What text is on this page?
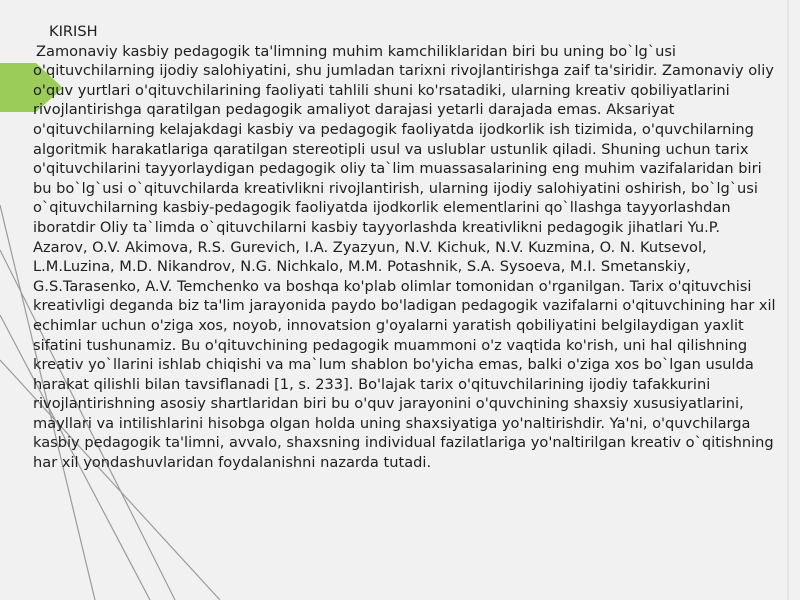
KIRISH
Zamonaviy kasbiy pedagogik ta'limning muhim kamchiliklaridan biri bu uning bo`lg`usi o'qituvchilarning ijodiy salohiyatini, shu jumladan tarixni rivojlantirishga zaif ta'siridir. Zamonaviy oliy o'quv yurtlari o'qituvchilarining faoliyati tahlili shuni ko'rsatadiki, ularning kreativ qobiliyatlarini rivojlantirishga qaratilgan pedagogik amaliyot darajasi yetarli darajada emas. Aksariyat o'qituvchilarning kelajakdagi kasbiy va pedagogik faoliyatda ijodkorlik ish tizimida, o'quvchilarning algoritmik harakatlariga qaratilgan stereotipli usul va uslublar ustunlik qiladi. Shuning uchun tarix o'qituvchilarini tayyorlaydigan pedagogik oliy ta`lim muassasalarining eng muhim vazifalaridan biri bu bo`lg`usi o`qituvchilarda kreativlikni rivojlantirish, ularning ijodiy salohiyatini oshirish, bo`lg`usi o`qituvchilarning kasbiy-pedagogik faoliyatda ijodkorlik elementlarini qo`llashga tayyorlashdan iboratdir Oliy ta`limda o`qituvchilarni kasbiy tayyorlashda kreativlikni pedagogik jihatlari Yu.P. Azarov, O.V. Akimova, R.S. Gurevich, I.A. Zyazyun, N.V. Kichuk, N.V. Kuzmina, O. N. Kutsevol, L.M.Luzina, M.D. Nikandrov, N.G. Nichkalo, M.M. Potashnik, S.A. Sysoeva, M.I. Smetanskiy, G.S.Tarasenko, A.V. Temchenko va boshqa ko'plab olimlar tomonidan o'rganilgan. Tarix o'qituvchisi kreativligi deganda biz ta'lim jarayonida paydo bo'ladigan pedagogik vazifalarni o'qituvchining har xil echimlar uchun o'ziga xos, noyob, innovatsion g'oyalarni yaratish qobiliyatini belgilaydigan yaxlit sifatini tushunamiz. Bu o'qituvchining pedagogik muammoni o'z vaqtida ko'rish, uni hal qilishning kreativ yo`llarini ishlab chiqishi va ma`lum shablon bo'yicha emas, balki o'ziga xos bo`lgan usulda harakat qilishli bilan tavsiflanadi [1, s. 233]. Bo'lajak tarix o'qituvchilarining ijodiy tafakkurini rivojlantirishning asosiy shartlaridan biri bu o'quv jarayonini o'quvchining shaxsiy xususiyatlarini, mayllari va intilishlarini hisobga olgan holda uning shaxsiyatiga yo'naltirishdir. Ya'ni, o'quvchilarga kasbiy pedagogik ta'limni, avvalo, shaxsning individual fazilatlariga yo'naltirilgan kreativ o`qitishning har xil yondashuvlaridan foydalanishni nazarda tutadi.
